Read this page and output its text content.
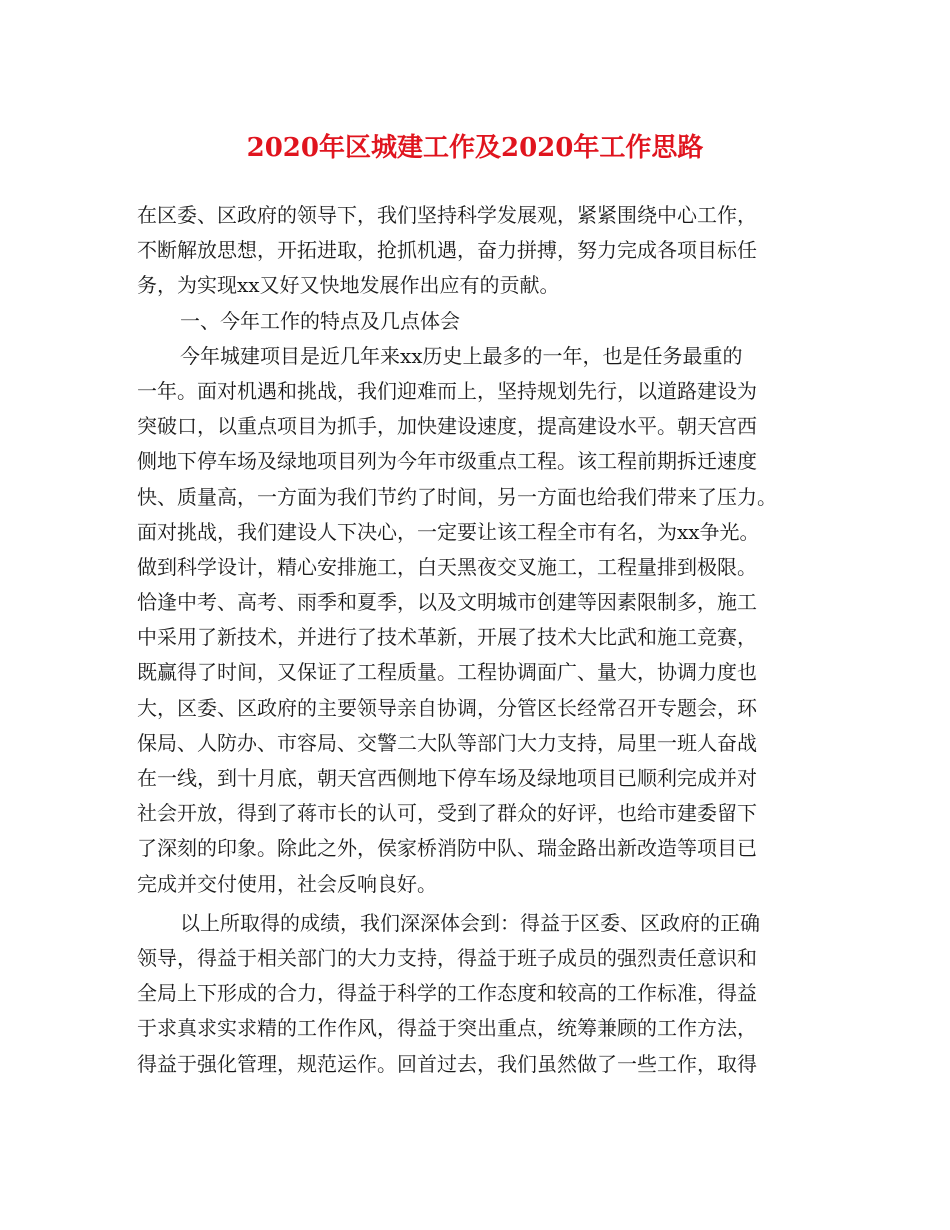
2020年区城建工作及2020年工作思路
在区委、区政府的领导下，我们坚持科学发展观，紧紧围绕中心工作，
不断解放思想，开拓进取，抢抓机遇，奋力拼搏，努力完成各项目标任
务，为实现xx又好又快地发展作出应有的贡献。
一、今年工作的特点及几点体会
今年城建项目是近几年来xx历史上最多的一年，也是任务最重的
一年。面对机遇和挑战，我们迎难而上，坚持规划先行，以道路建设为
突破口，以重点项目为抓手，加快建设速度，提高建设水平。朝天宫西
侧地下停车场及绿地项目列为今年市级重点工程。该工程前期拆迁速度
快、质量高，一方面为我们节约了时间，另一方面也给我们带来了压力。
面对挑战，我们建设人下决心，一定要让该工程全市有名，为xx争光。
做到科学设计，精心安排施工，白天黑夜交叉施工，工程量排到极限。
恰逢中考、高考、雨季和夏季，以及文明城市创建等因素限制多，施工
中采用了新技术，并进行了技术革新，开展了技术大比武和施工竞赛，
既赢得了时间，又保证了工程质量。工程协调面广、量大，协调力度也
大，区委、区政府的主要领导亲自协调，分管区长经常召开专题会，环
保局、人防办、市容局、交警二大队等部门大力支持，局里一班人奋战
在一线，到十月底，朝天宫西侧地下停车场及绿地项目已顺利完成并对
社会开放，得到了蒋市长的认可，受到了群众的好评，也给市建委留下
了深刻的印象。除此之外，侯家桥消防中队、瑞金路出新改造等项目已
完成并交付使用，社会反响良好。
以上所取得的成绩，我们深深体会到：得益于区委、区政府的正确
领导，得益于相关部门的大力支持，得益于班子成员的强烈责任意识和
全局上下形成的合力，得益于科学的工作态度和较高的工作标准，得益
于求真求实求精的工作作风，得益于突出重点，统筹兼顾的工作方法，
得益于强化管理，规范运作。回首过去，我们虽然做了一些工作，取得
